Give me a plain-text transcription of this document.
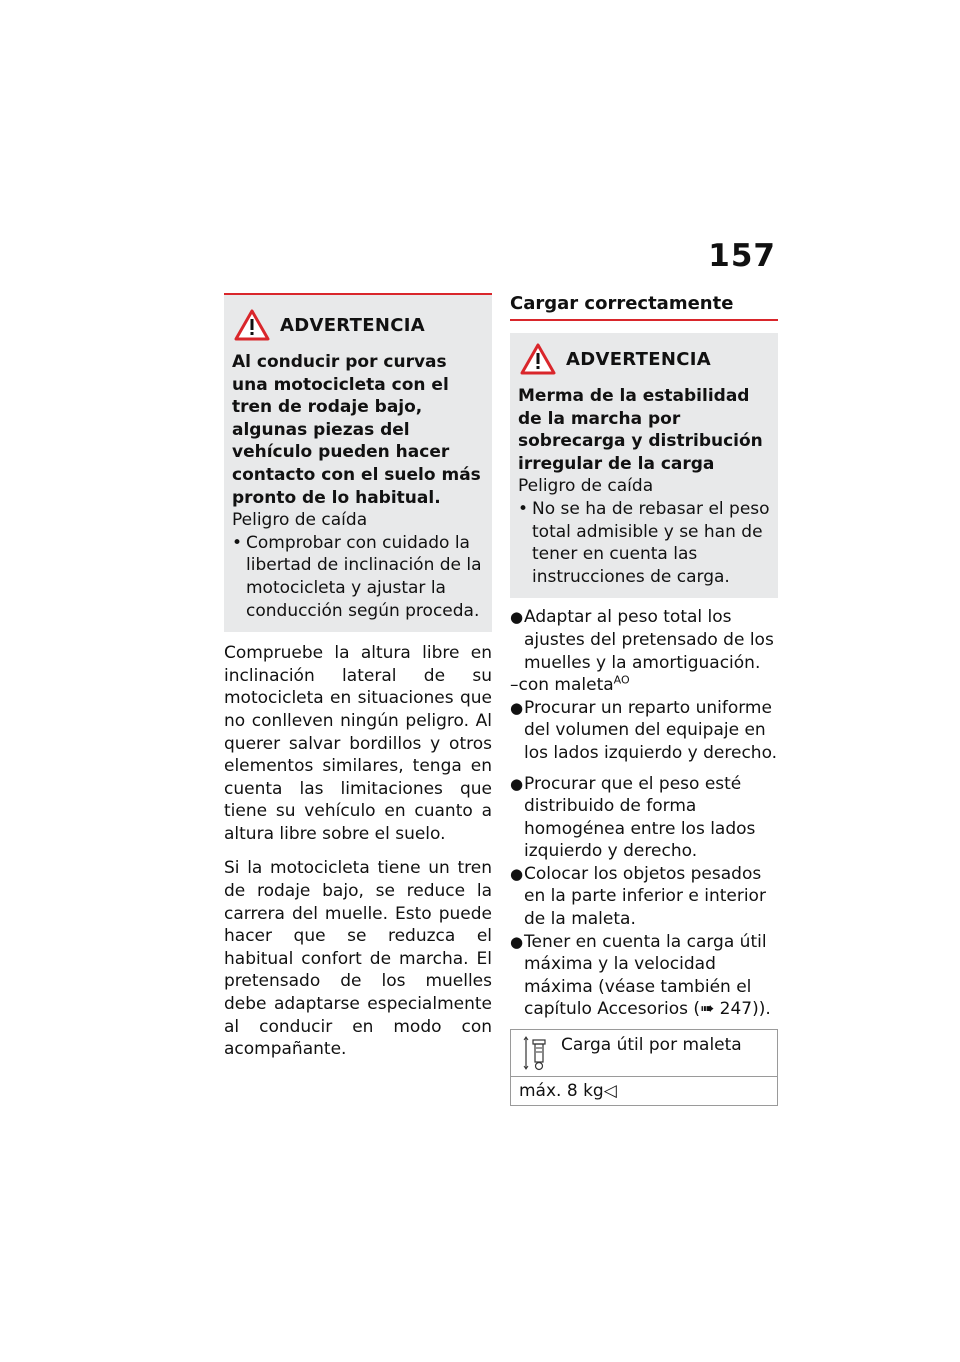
157
ADVERTENCIA
Al conducir por curvas una motocicleta con el tren de rodaje bajo, algunas piezas del vehículo pueden hacer contacto con el suelo más pronto de lo habitual.
Peligro de caída
• Comprobar con cuidado la libertad de inclinación de la motocicleta y ajustar la conducción según proceda.
Compruebe la altura libre en inclinación lateral de su motocicleta en situaciones que no conlleven ningún peligro. Al querer salvar bordillos y otros elementos similares, tenga en cuenta las limitaciones que tiene su vehículo en cuanto a altura libre sobre el suelo.
Si la motocicleta tiene un tren de rodaje bajo, se reduce la carrera del muelle. Esto puede hacer que se reduzca el habitual confort de marcha. El pretensado de los muelles debe adaptarse especialmente al conducir en modo con acompañante.
Cargar correctamente
ADVERTENCIA
Merma de la estabilidad de la marcha por sobrecarga y distribución irregular de la carga
Peligro de caída
• No se ha de rebasar el peso total admisible y se han de tener en cuenta las instrucciones de carga.
● Adaptar al peso total los ajustes del pretensado de los muelles y la amortiguación.
–con maleta$^{AO}$
● Procurar un reparto uniforme del volumen del equipaje en los lados izquierdo y derecho.
● Procurar que el peso esté distribuido de forma homogénea entre los lados izquierdo y derecho.
● Colocar los objetos pesados en la parte inferior e interior de la maleta.
● Tener en cuenta la carga útil máxima y la velocidad máxima (véase también el capítulo Accesorios (➠ 247)).
Carga útil por maleta
máx. 8 kg◁
